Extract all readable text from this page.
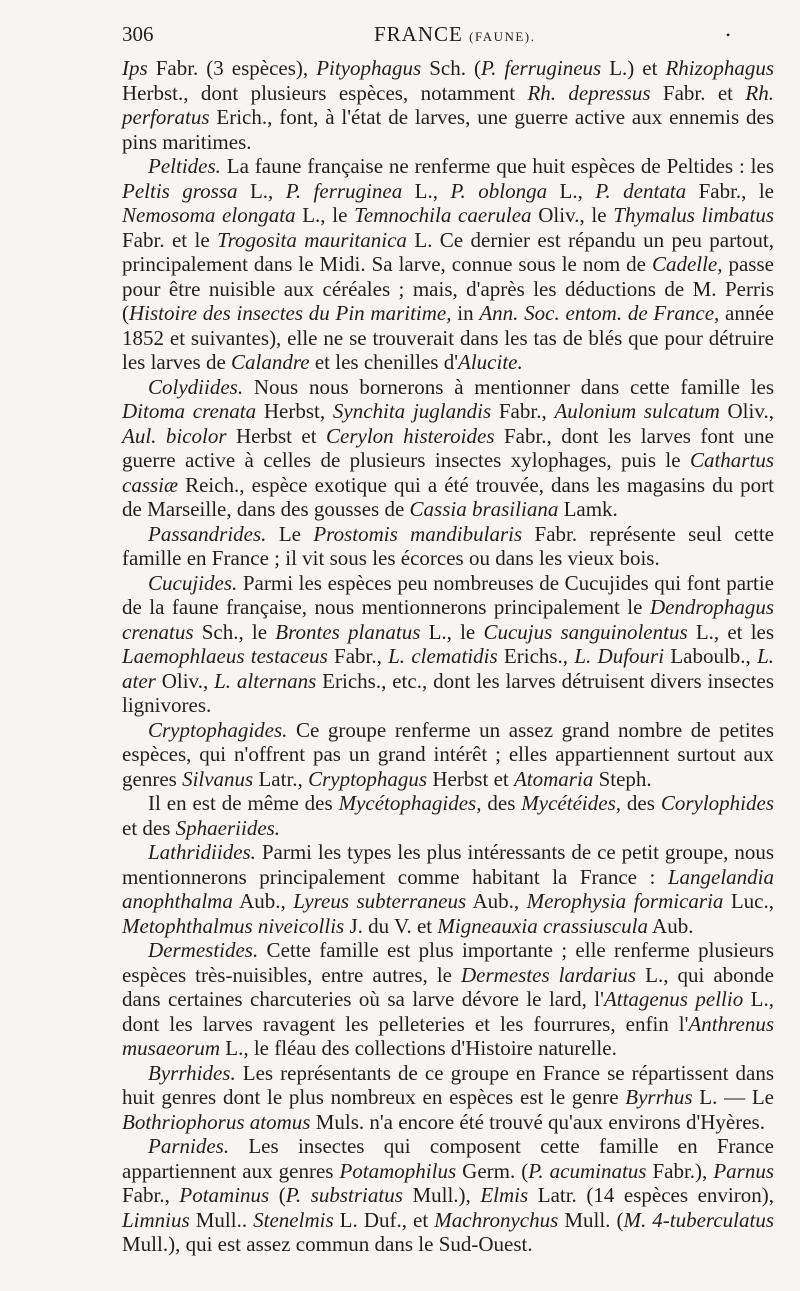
306	FRANCE (FAUNE).	•

Ips Fabr. (3 espèces), Pityophagus Sch. (P. ferrugineus L.) et Rhizophagus Herbst., dont plusieurs espèces, notamment Rh. depressus Fabr. et Rh. perforatus Erich., font, à l'état de larves, une guerre active aux ennemis des pins maritimes.

Peltides. La faune française ne renferme que huit espèces de Peltides : les Peltis grossa L., P. ferruginea L., P. oblonga L., P. dentata Fabr., le Nemosoma elongata L., le Temnochila caerulea Oliv., le Thymalus limbatus Fabr. et le Trogosita mauritanica L. Ce dernier est répandu un peu partout, principalement dans le Midi. Sa larve, connue sous le nom de Cadelle, passe pour être nuisible aux céréales ; mais, d'après les déductions de M. Perris (Histoire des insectes du Pin maritime, in Ann. Soc. entom. de France, année 1852 et suivantes), elle ne se trouverait dans les tas de blés que pour détruire les larves de Calandre et les chenilles d'Alucite.

Colydiides. Nous nous bornerons à mentionner dans cette famille les Ditoma crenata Herbst, Synchita juglandis Fabr., Aulonium sulcatum Oliv., Aul. bicolor Herbst et Cerylon histeroides Fabr., dont les larves font une guerre active à celles de plusieurs insectes xylophages, puis le Cathartus cassiæ Reich., espèce exotique qui a été trouvée, dans les magasins du port de Marseille, dans des gousses de Cassia brasiliana Lamk.

Passandrides. Le Prostomis mandibularis Fabr. représente seul cette famille en France ; il vit sous les écorces ou dans les vieux bois.

Cucujides. Parmi les espèces peu nombreuses de Cucujides qui font partie de la faune française, nous mentionnerons principalement le Dendrophagus crenatus Sch., le Brontes planatus L., le Cucujus sanguinolentus L., et les Laemophlaeus testaceus Fabr., L. clematidis Erichs., L. Dufouri Laboulb., L. ater Oliv., L. alternans Erichs., etc., dont les larves détruisent divers insectes lignivores.

Cryptophagides. Ce groupe renferme un assez grand nombre de petites espèces, qui n'offrent pas un grand intérêt ; elles appartiennent surtout aux genres Silvanus Latr., Cryptophagus Herbst et Atomaria Steph.

Il en est de même des Mycétophagides, des Mycétéides, des Corylophides et des Sphaeriides.

Lathridiides. Parmi les types les plus intéressants de ce petit groupe, nous mentionnerons principalement comme habitant la France : Langelandia anophthalma Aub., Lyreus subterraneus Aub., Merophysia formicaria Luc., Metophthalmus niveicollis J. du V. et Migneauxia crassiuscula Aub.

Dermestides. Cette famille est plus importante ; elle renferme plusieurs espèces très-nuisibles, entre autres, le Dermestes lardarius L., qui abonde dans certaines charcuteries où sa larve dévore le lard, l'Attagenus pellio L., dont les larves ravagent les pelleteries et les fourrures, enfin l'Anthrenus musaeorum L., le fléau des collections d'Histoire naturelle.

Byrrhides. Les représentants de ce groupe en France se répartissent dans huit genres dont le plus nombreux en espèces est le genre Byrrhus L. — Le Bothriophorus atomus Muls. n'a encore été trouvé qu'aux environs d'Hyères.

Parnides. Les insectes qui composent cette famille en France appartiennent aux genres Potamophilus Germ. (P. acuminatus Fabr.), Parnus Fabr., Potaminus (P. substriatus Mull.), Elmis Latr. (14 espèces environ), Limnius Mull.. Stenelmis L. Duf., et Machronychus Mull. (M. 4-tuberculatus Mull.), qui est assez commun dans le Sud-Ouest.
